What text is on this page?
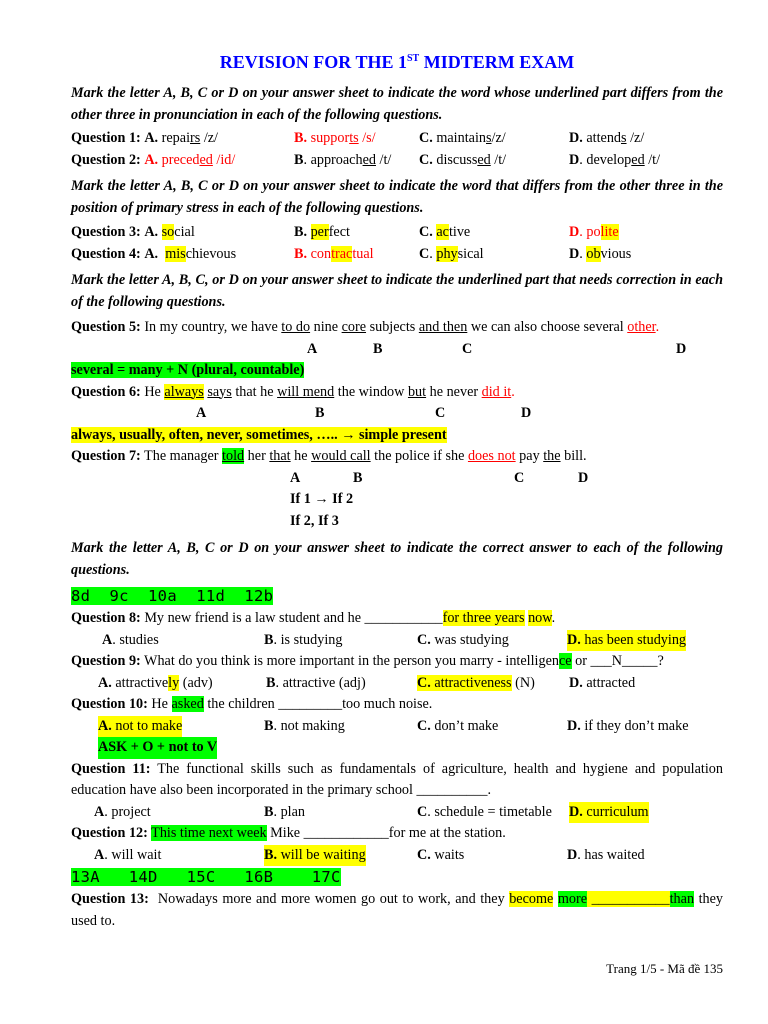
REVISION FOR THE 1ST MIDTERM EXAM
Mark the letter A, B, C or D on your answer sheet to indicate the word whose underlined part differs from the other three in pronunciation in each of the following questions.
Question 1: A. repairs /z/	B. supports /s/	C. maintains/z/	D. attends /z/
Question 2: A. preceded /id/	B. approached /t/ C. discussed /t/	D. developed /t/
Mark the letter A, B, C or D on your answer sheet to indicate the word that differs from the other three in the position of primary stress in each of the following questions.
Question 3: A. social	B. perfect	C. active	D. polite
Question 4: A.  mischievous	B. contractual	C. physical	D. obvious
Mark the letter A, B, C, or D on your answer sheet to indicate the underlined part that needs correction in each of the following questions.
Question 5: In my country, we have to do nine core subjects and then we can also choose several other.
A	B	C	D
several = many + N (plural, countable)
Question 6: He always says that he will mend the window but he never did it.
A	B	C	D
always, usually, often, never, sometimes, ….. → simple present
Question 7: The manager told her that he would call the police if she does not pay the bill.
A	B	C	D
If 1 → If 2
If 2, If 3
Mark the letter A, B, C or D on your answer sheet to indicate the correct answer to each of the following questions.
8d  9c  10a  11d  12b
Question 8: My new friend is a law student and he ___________for three years now.
A. studies	B. is studying	C. was studying	D. has been studying
Question 9: What do you think is more important in the person you marry - intelligence or ___N_____?
A. attractively (adv)	B. attractive (adj)	C. attractiveness (N) D. attracted
Question 10: He asked the children _________too much noise.
A. not to make	B. not making	C. don’t make	D. if they don’t make
ASK + O + not to V
Question 11: The functional skills such as fundamentals of agriculture, health and hygiene and population education have also been incorporated in the primary school __________.
A. project	B. plan	C. schedule = timetable D. curriculum
Question 12: This time next week Mike ____________for me at the station.
A. will wait	B. will be waiting	C. waits	D. has waited
13A   14D   15C   16B    17C
Question 13:  Nowadays more and more women go out to work, and they become more ___________than they used to.
Trang 1/5 - Mã đề 135
